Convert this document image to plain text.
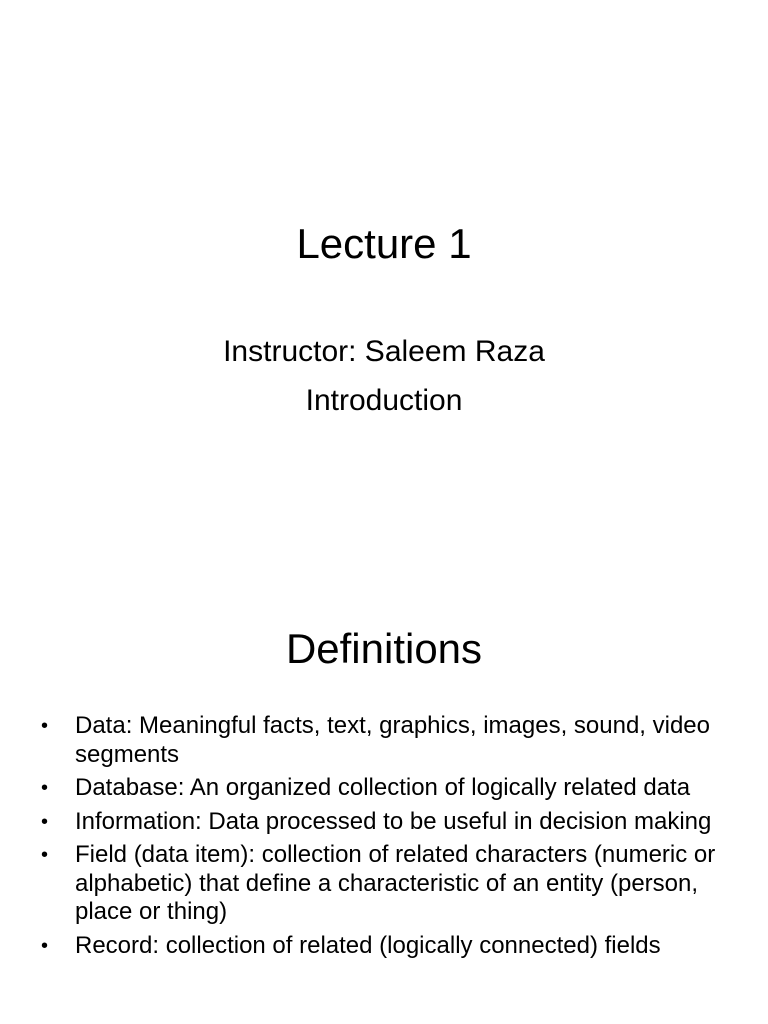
Lecture 1
Instructor: Saleem Raza
Introduction
Definitions
• Data: Meaningful facts, text, graphics, images, sound, video segments
• Database: An organized collection of logically related data
• Information: Data processed to be useful in decision making
• Field (data item): collection of related characters (numeric or alphabetic) that define a characteristic of an entity (person, place or thing)
• Record: collection of related (logically connected) fields
